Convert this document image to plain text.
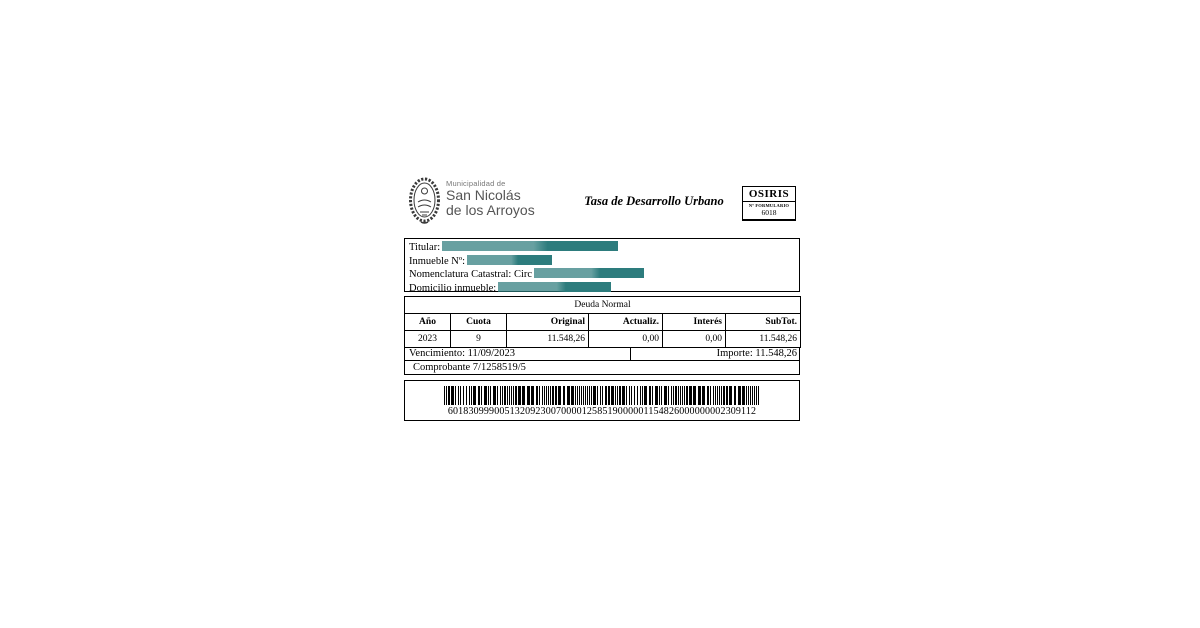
Municipalidad de
San Nicolás
de los Arroyos
Tasa de Desarrollo Urbano	OSIRIS
Nº FORMULARIO
6018
Titular:
Inmueble Nº:
Nomenclatura Catastral: Circ
Domicilio inmueble:
Deuda Normal					
Año	Cuota	Original	Actualiz.	Interés	SubTot.
2023	9	11.548,26	0,00	0,00	11.548,26
Vencimiento: 11/09/2023	Importe: 11.548,26
Comprobante 7/1258519/5
601830999005132092300700001258519000001154826000000002309112
